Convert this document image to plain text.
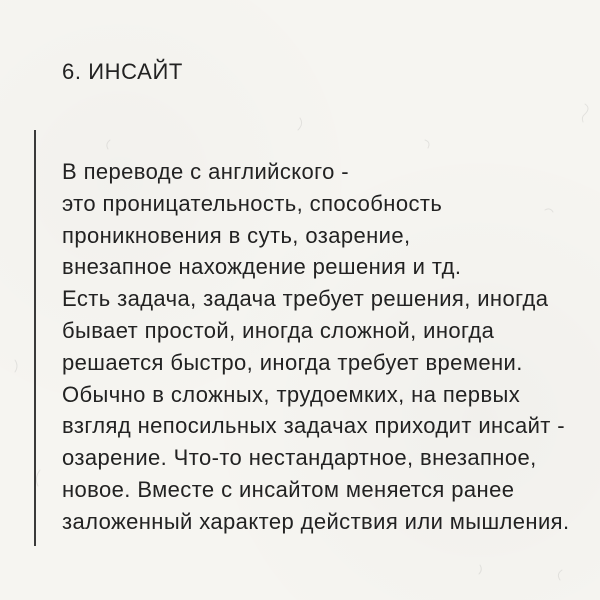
6. ИНСАЙТ
В переводе с английского -
это проницательность, способность
проникновения в суть, озарение,
внезапное нахождение решения и тд.
Есть задача, задача требует решения, иногда
бывает простой, иногда сложной, иногда
решается быстро, иногда требует времени.
Обычно в сложных, трудоемких, на первых
взгляд непосильных задачах приходит инсайт -
озарение. Что-то нестандартное, внезапное,
новое. Вместе с инсайтом меняется ранее
заложенный характер действия или мышления.
